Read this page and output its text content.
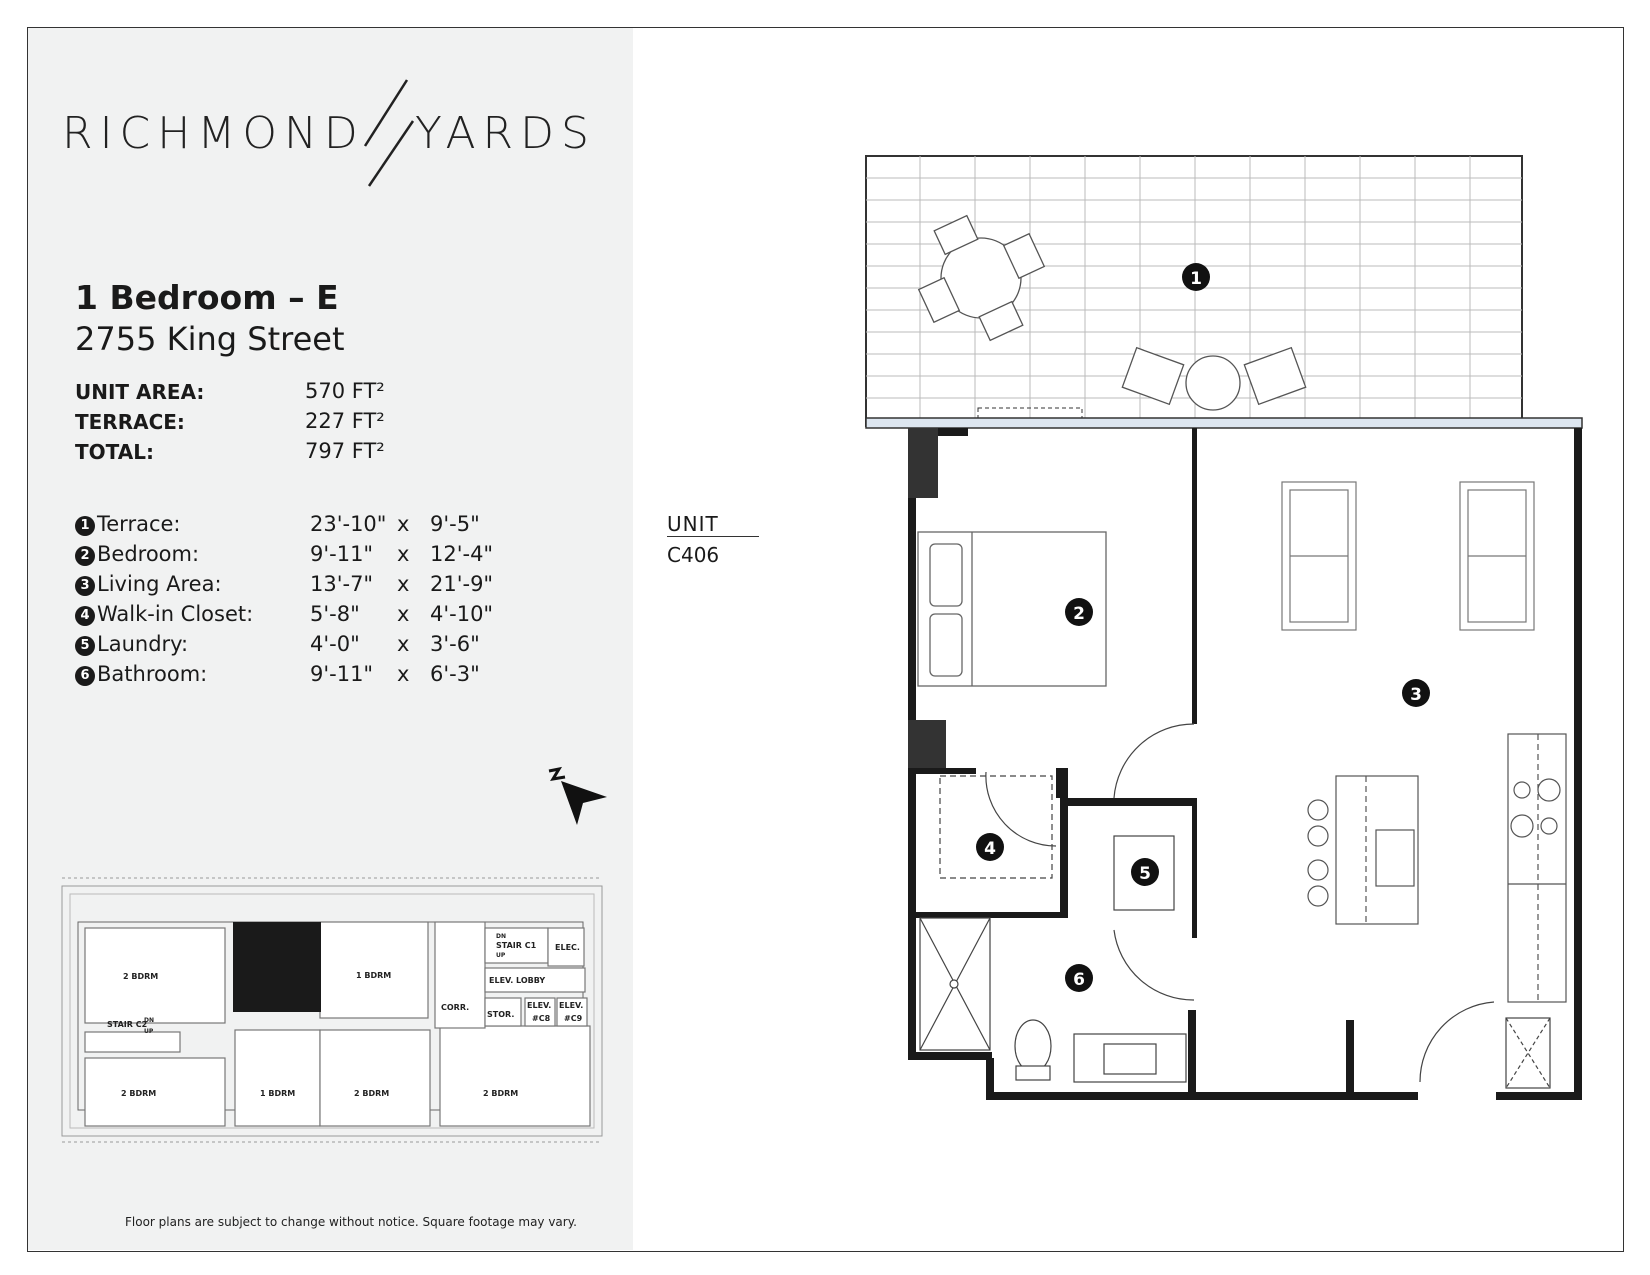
RICHMOND YARDS
1 Bedroom – E
2755 King Street
UNIT AREA:	570 FT²
TERRACE:	227 FT²
TOTAL:	797 FT²
1 Terrace:	23'-10" x 9'-5"
2 Bedroom:	9'-11" x 12'-4"
3 Living Area:	13'-7" x 21'-9"
4 Walk-in Closet:	5'-8" x 4'-10"
5 Laundry:	4'-0" x 3'-6"
6 Bathroom:	9'-11" x 6'-3"
2 BDRM	1 BDRM
STAIR C1 ELEC.
ELEV. LOBBY
CORR.
STOR.
ELEV.
#C8
ELEV.
#C9
STAIR C2
2 BDRM	1 BDRM	2 BDRM	2 BDRM
DN
UP
DN
UP
Floor plans are subject to change without notice. Square footage may vary.
UNIT
C406
1
2
3
4
5
6
